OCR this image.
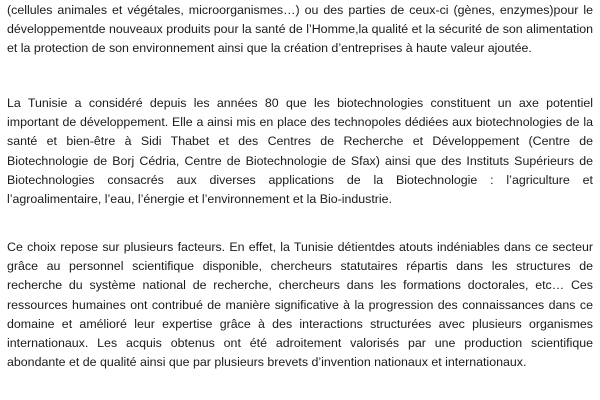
(cellules animales et végétales, microorganismes…) ou des parties de ceux-ci (gènes, enzymes)pour le développementde nouveaux produits pour la santé de l’Homme,la qualité et la sécurité de son alimentation et la protection de son environnement ainsi que la création d’entreprises à haute valeur ajoutée.

La Tunisie a considéré depuis les années 80 que les biotechnologies constituent un axe potentiel important de développement. Elle a ainsi mis en place des technopoles dédiées aux biotechnologies de la santé et bien-être à Sidi Thabet et des Centres de Recherche et Développement (Centre de Biotechnologie de Borj Cédria, Centre de Biotechnologie de Sfax) ainsi que des Instituts Supérieurs de Biotechnologies consacrés aux diverses applications de la Biotechnologie : l’agriculture et l’agroalimentaire, l’eau, l’énergie et l’environnement et la Bio-industrie.

Ce choix repose sur plusieurs facteurs. En effet, la Tunisie détientdes atouts indéniables dans ce secteur grâce au personnel scientifique disponible, chercheurs statutaires répartis dans les structures de recherche du système national de recherche, chercheurs dans les formations doctorales, etc… Ces ressources humaines ont contribué de manière significative à la progression des connaissances dans ce domaine et amélioré leur expertise grâce à des interactions structurées avec plusieurs organismes internationaux. Les acquis obtenus ont été adroitement valorisés par une production scientifique abondante et de qualité ainsi que par plusieurs brevets d’invention nationaux et internationaux.
